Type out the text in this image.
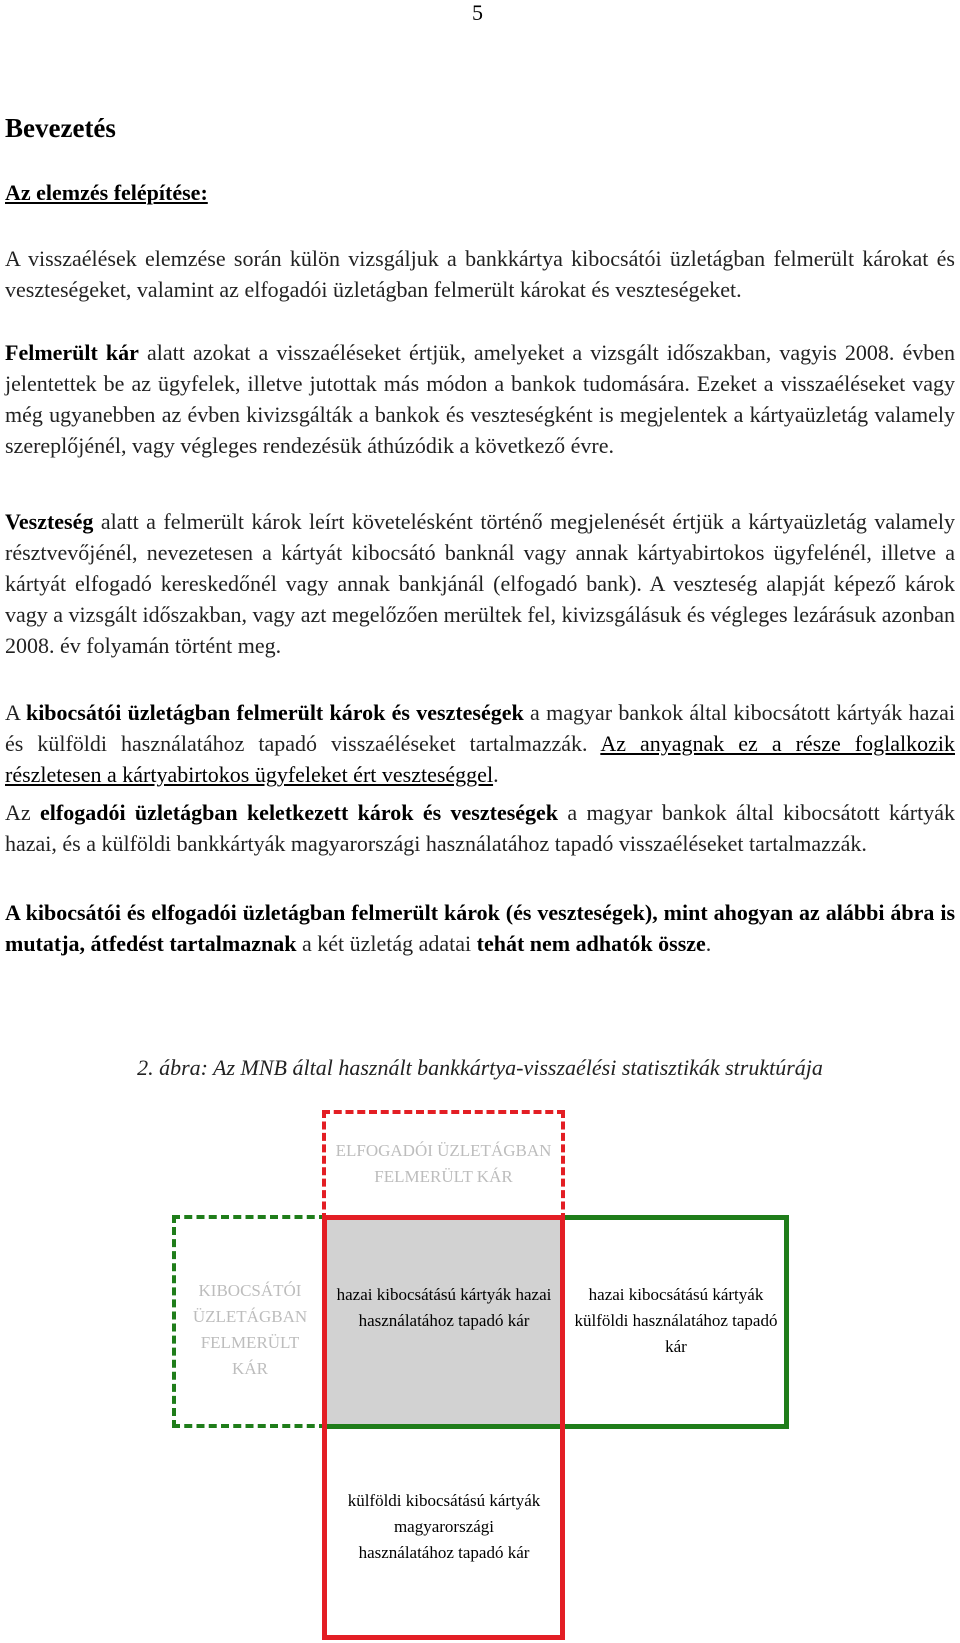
5
Bevezetés
Az elemzés felépítése:
A visszaélések elemzése során külön vizsgáljuk a bankkártya kibocsátói üzletágban felmerült károkat és veszteségeket, valamint az elfogadói üzletágban felmerült károkat és veszteségeket.
Felmerült kár alatt azokat a visszaéléseket értjük, amelyeket a vizsgált időszakban, vagyis 2008. évben jelentettek be az ügyfelek, illetve jutottak más módon a bankok tudomására. Ezeket a visszaéléseket vagy még ugyanebben az évben kivizsgálták a bankok és veszteségként is megjelentek a kártyaüzletág valamely szereplőjénél, vagy végleges rendezésük áthúzódik a következő évre.
Veszteség alatt a felmerült károk leírt követelésként történő megjelenését értjük a kártyaüzletág valamely résztvevőjénél, nevezetesen a kártyát kibocsátó banknál vagy annak kártyabirtokos ügyfelénél, illetve a kártyát elfogadó kereskedőnél vagy annak bankjánál (elfogadó bank). A veszteség alapját képező károk vagy a vizsgált időszakban, vagy azt megelőzően merültek fel, kivizsgálásuk és végleges lezárásuk azonban 2008. év folyamán történt meg.
A kibocsátói üzletágban felmerült károk és veszteségek a magyar bankok által kibocsátott kártyák hazai és külföldi használatához tapadó visszaéléseket tartalmazzák. Az anyagnak ez a része foglalkozik részletesen a kártyabirtokos ügyfeleket ért veszteséggel.
Az elfogadói üzletágban keletkezett károk és veszteségek a magyar bankok által kibocsátott kártyák hazai, és a külföldi bankkártyák magyarországi használatához tapadó visszaéléseket tartalmazzák.
A kibocsátói és elfogadói üzletágban felmerült károk (és veszteségek), mint ahogyan az alábbi ábra is mutatja, átfedést tartalmaznak a két üzletág adatai tehát nem adhatók össze.
2. ábra: Az MNB által használt bankkártya-visszaélési statisztikák struktúrája
ELFOGADÓI ÜZLETÁGBAN FELMERÜLT KÁR
KIBOCSÁTÓI ÜZLETÁGBAN FELMERÜLT KÁR
hazai kibocsátású kártyák hazai használatához tapadó kár
hazai kibocsátású kártyák külföldi használatához tapadó kár
külföldi kibocsátású kártyák magyarországi használatához tapadó kár
